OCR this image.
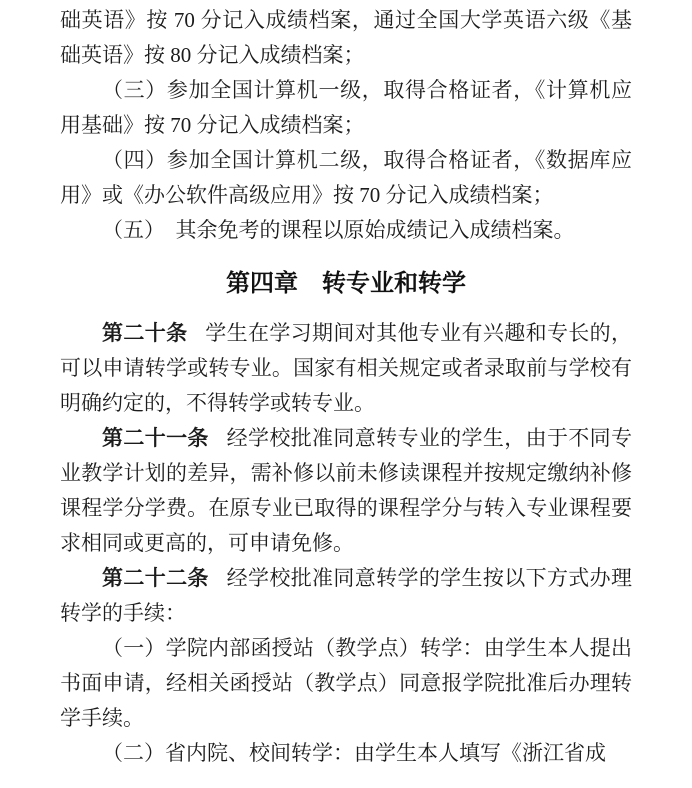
础英语》按 70 分记入成绩档案，通过全国大学英语六级《基础英语》按 80 分记入成绩档案；

（三）参加全国计算机一级，取得合格证者，《计算机应用基础》按 70 分记入成绩档案；

（四）参加全国计算机二级，取得合格证者，《数据库应用》或《办公软件高级应用》按 70 分记入成绩档案；

（五）　其余免考的课程以原始成绩记入成绩档案。

第四章　转专业和转学

第二十条 学生在学习期间对其他专业有兴趣和专长的，可以申请转学或转专业。国家有相关规定或者录取前与学校有明确约定的，不得转学或转专业。

第二十一条 经学校批准同意转专业的学生，由于不同专业教学计划的差异，需补修以前未修读课程并按规定缴纳补修课程学分学费。在原专业已取得的课程学分与转入专业课程要求相同或更高的，可申请免修。

第二十二条 经学校批准同意转学的学生按以下方式办理转学的手续：

（一）学院内部函授站（教学点）转学：由学生本人提出书面申请，经相关函授站（教学点）同意报学院批准后办理转学手续。

（二）省内院、校间转学：由学生本人填写《浙江省成
